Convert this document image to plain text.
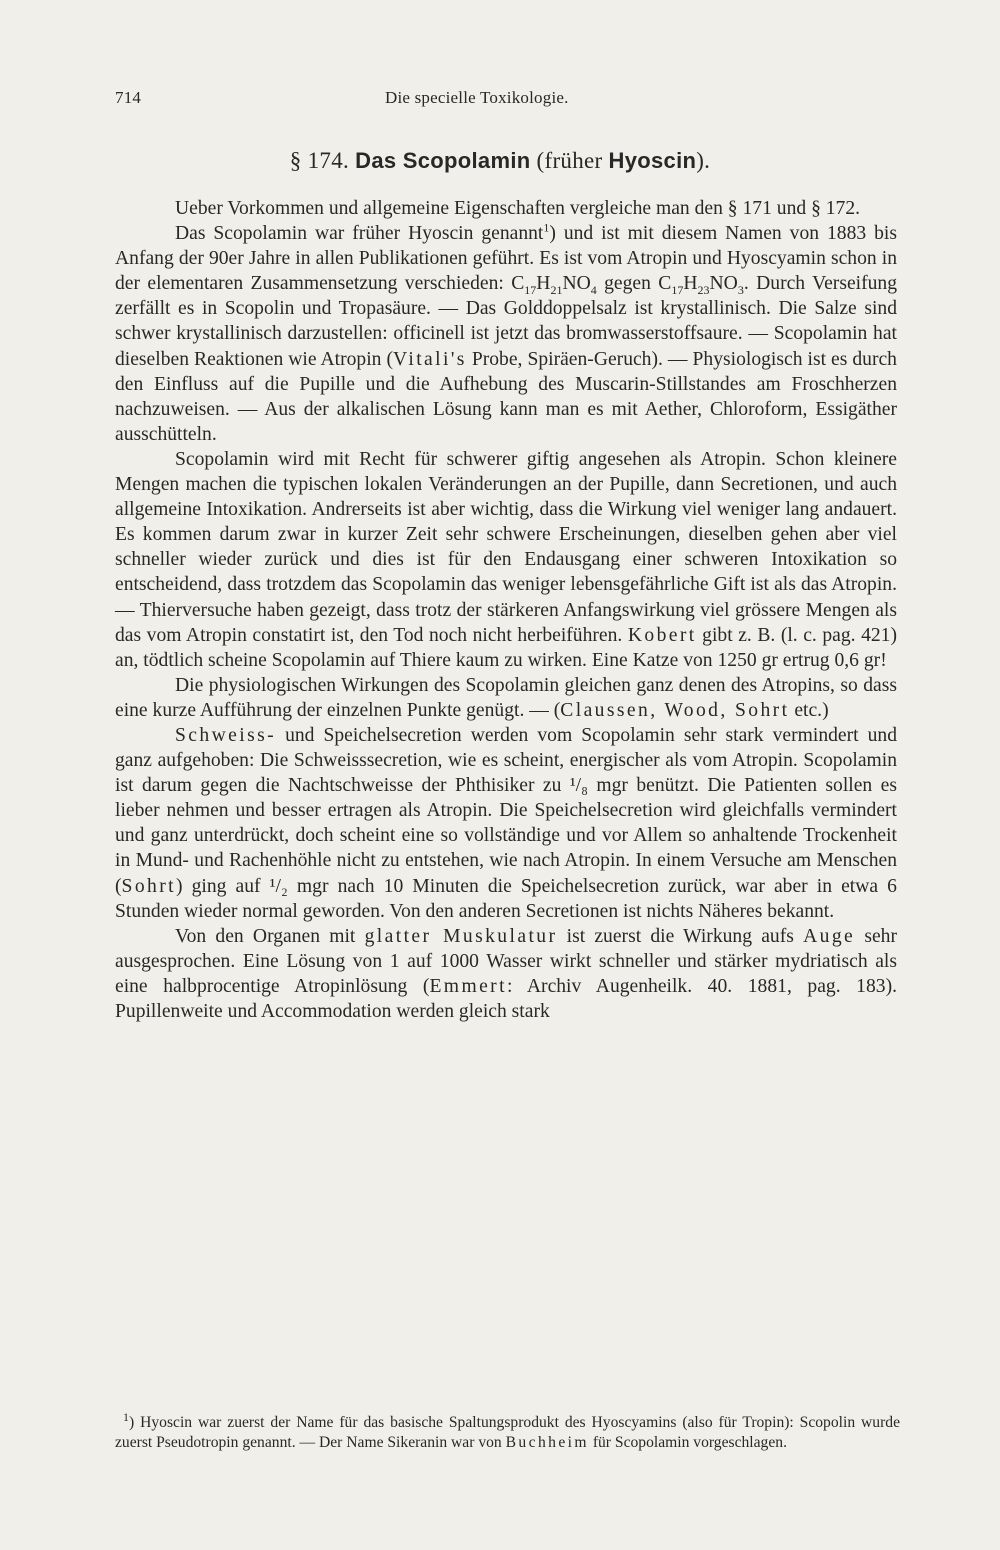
714	Die specielle Toxikologie.
§ 174. Das Scopolamin (früher Hyoscin).

Ueber Vorkommen und allgemeine Eigenschaften vergleiche man den § 171 und § 172.

Das Scopolamin war früher Hyoscin genannt$^1$) und ist mit diesem Namen von 1883 bis Anfang der 90er Jahre in allen Publikationen geführt. Es ist vom Atropin und Hyoscyamin schon in der elementaren Zusammensetzung verschieden: $C_{17}H_{21}NO_4$ gegen $C_{17}H_{23}NO_3$. Durch Verseifung zerfällt es in Scopolin und Tropasäure. — Das Golddoppelsalz ist krystallinisch. Die Salze sind schwer krystallinisch darzustellen: officinell ist jetzt das bromwasserstoffsaure. — Scopolamin hat dieselben Reaktionen wie Atropin (Vitali's Probe, Spiräen-Geruch). — Physiologisch ist es durch den Einfluss auf die Pupille und die Aufhebung des Muscarin-Stillstandes am Froschherzen nachzuweisen. — Aus der alkalischen Lösung kann man es mit Aether, Chloroform, Essigäther ausschütteln.

Scopolamin wird mit Recht für schwerer giftig angesehen als Atropin. Schon kleinere Mengen machen die typischen lokalen Veränderungen an der Pupille, dann Secretionen, und auch allgemeine Intoxikation. Andrerseits ist aber wichtig, dass die Wirkung viel weniger lang andauert. Es kommen darum zwar in kurzer Zeit sehr schwere Erscheinungen, dieselben gehen aber viel schneller wieder zurück und dies ist für den Endausgang einer schweren Intoxikation so entscheidend, dass trotzdem das Scopolamin das weniger lebensgefährliche Gift ist als das Atropin. — Thierversuche haben gezeigt, dass trotz der stärkeren Anfangswirkung viel grössere Mengen als das vom Atropin constatirt ist, den Tod noch nicht herbeiführen. Kobert gibt z. B. (l. c. pag. 421) an, tödtlich scheine Scopolamin auf Thiere kaum zu wirken. Eine Katze von 1250 gr ertrug 0,6 gr!

Die physiologischen Wirkungen des Scopolamin gleichen ganz denen des Atropins, so dass eine kurze Aufführung der einzelnen Punkte genügt. — (Claussen, Wood, Sohrt etc.)

Schweiss- und Speichelsecretion werden vom Scopolamin sehr stark vermindert und ganz aufgehoben: Die Schweisssecretion, wie es scheint, energischer als vom Atropin. Scopolamin ist darum gegen die Nachtschweisse der Phthisiker zu ¹/₈ mgr benützt. Die Patienten sollen es lieber nehmen und besser ertragen als Atropin. Die Speichelsecretion wird gleichfalls vermindert und ganz unterdrückt, doch scheint eine so vollständige und vor Allem so anhaltende Trockenheit in Mund- und Rachenhöhle nicht zu entstehen, wie nach Atropin. In einem Versuche am Menschen (Sohrt) ging auf ¹/₂ mgr nach 10 Minuten die Speichelsecretion zurück, war aber in etwa 6 Stunden wieder normal geworden. Von den anderen Secretionen ist nichts Näheres bekannt.

Von den Organen mit glatter Muskulatur ist zuerst die Wirkung aufs Auge sehr ausgesprochen. Eine Lösung von 1 auf 1000 Wasser wirkt schneller und stärker mydriatisch als eine halbprocentige Atropinlösung (Emmert: Archiv Augenheilk. 40. 1881, pag. 183). Pupillenweite und Accommodation werden gleich stark

$^1$) Hyoscin war zuerst der Name für das basische Spaltungsprodukt des Hyoscyamins (also für Tropin): Scopolin wurde zuerst Pseudotropin genannt. — Der Name Sikeranin war von Buchheim für Scopolamin vorgeschlagen.
